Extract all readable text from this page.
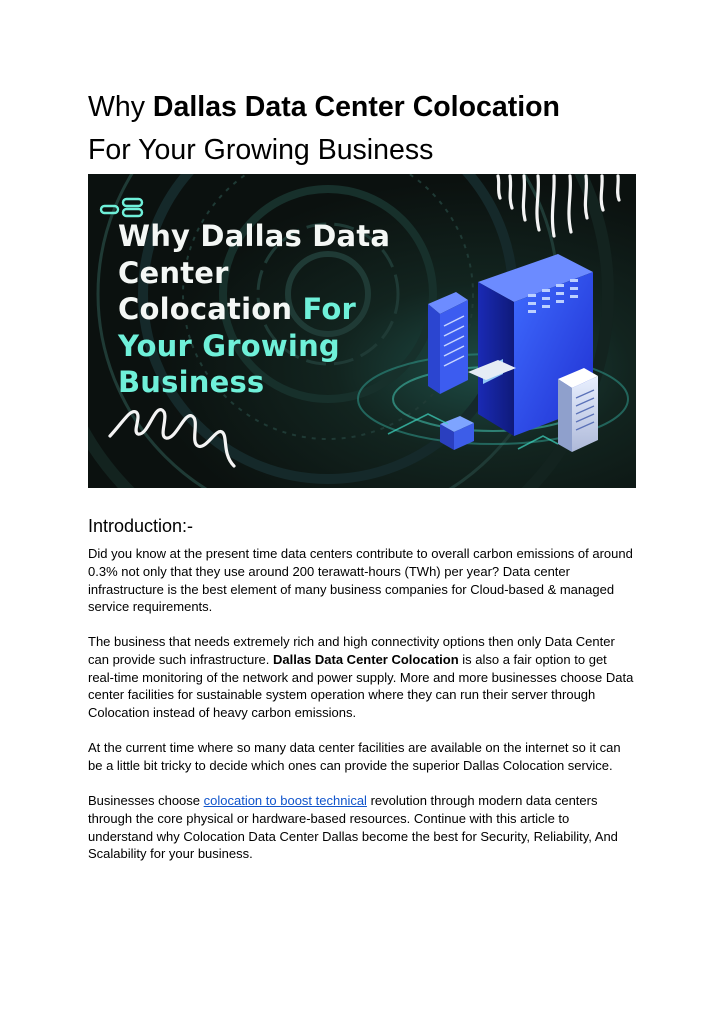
Why Dallas Data Center Colocation
For Your Growing Business
Why Dallas Data
Center
Colocation For
Your Growing
Business
Introduction:-

Did you know at the present time data centers contribute to overall carbon emissions of around 0.3% not only that they use around 200 terawatt-hours (TWh) per year? Data center infrastructure is the best element of many business companies for Cloud-based & managed service requirements.

The business that needs extremely rich and high connectivity options then only Data Center can provide such infrastructure. Dallas Data Center Colocation is also a fair option to get real-time monitoring of the network and power supply. More and more businesses choose Data center facilities for sustainable system operation where they can run their server through Colocation instead of heavy carbon emissions.

At the current time where so many data center facilities are available on the internet so it can be a little bit tricky to decide which ones can provide the superior Dallas Colocation service.

Businesses choose colocation to boost technical revolution through modern data centers through the core physical or hardware-based resources. Continue with this article to understand why Colocation Data Center Dallas become the best for Security, Reliability, And Scalability for your business.
